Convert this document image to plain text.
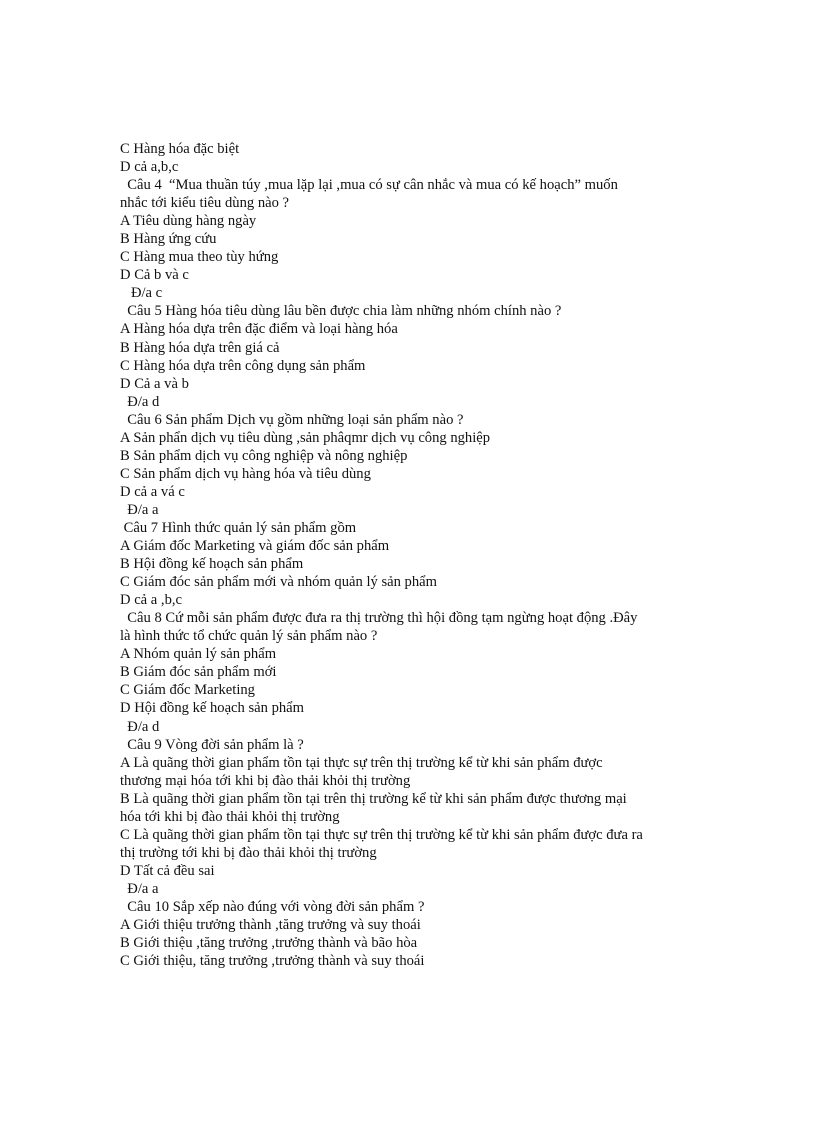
C Hàng hóa đặc biệt
D cả a,b,c
Câu 4  “Mua thuần túy ,mua lặp lại ,mua có sự cân nhắc và mua có kế hoạch” muốn
nhắc tới kiểu tiêu dùng nào ?
A Tiêu dùng hàng ngày
B Hàng ứng cứu
C Hàng mua theo tùy hứng
D Cả b và c
Đ/a c
Câu 5 Hàng hóa tiêu dùng lâu bền được chia làm những nhóm chính nào ?
A Hàng hóa dựa trên đặc điểm và loại hàng hóa
B Hàng hóa dựa trên giá cả
C Hàng hóa dựa trên công dụng sản phẩm
D Cả a và b
Đ/a d
Câu 6 Sản phẩm Dịch vụ gồm những loại sản phẩm nào ?
A Sản phẩn dịch vụ tiêu dùng ,sản phâqmr dịch vụ công nghiệp
B Sản phẩm dịch vụ công nghiệp và nông nghiệp
C Sản phẩm dịch vụ hàng hóa và tiêu dùng
D cả a vá c
Đ/a a
Câu 7 Hình thức quản lý sản phẩm gồm
A Giám đốc Marketing và giám đốc sản phẩm
B Hội đồng kế hoạch sản phẩm
C Giám đóc sản phẩm mới và nhóm quản lý sản phẩm
D cả a ,b,c
Câu 8 Cứ mỗi sản phẩm được đưa ra thị trường thì hội đồng tạm ngừng hoạt động .Đây
là hình thức tổ chức quản lý sản phẩm nào ?
A Nhóm quản lý sản phẩm
B Giám đóc sản phẩm mới
C Giám đốc Marketing
D Hội đồng kế hoạch sản phẩm
Đ/a d
Câu 9 Vòng đời sản phẩm là ?
A Là quãng thời gian phẩm tồn tại thực sự trên thị trường kể từ khi sản phẩm được
thương mại hóa tới khi bị đào thải khỏi thị trường
B Là quãng thời gian phẩm tồn tại trên thị trường kể từ khi sản phẩm được thương mại
hóa tới khi bị đào thải khỏi thị trường
C Là quãng thời gian phẩm tồn tại thực sự trên thị trường kể từ khi sản phẩm được đưa ra
thị trường tới khi bị đào thải khỏi thị trường
D Tất cả đều sai
Đ/a a
Câu 10 Sắp xếp nào đúng với vòng đời sản phẩm ?
A Giới thiệu trưởng thành ,tăng trưởng và suy thoái
B Giới thiệu ,tăng trưởng ,trưởng thành và bão hòa
C Giới thiệu, tăng trưởng ,trưởng thành và suy thoái
